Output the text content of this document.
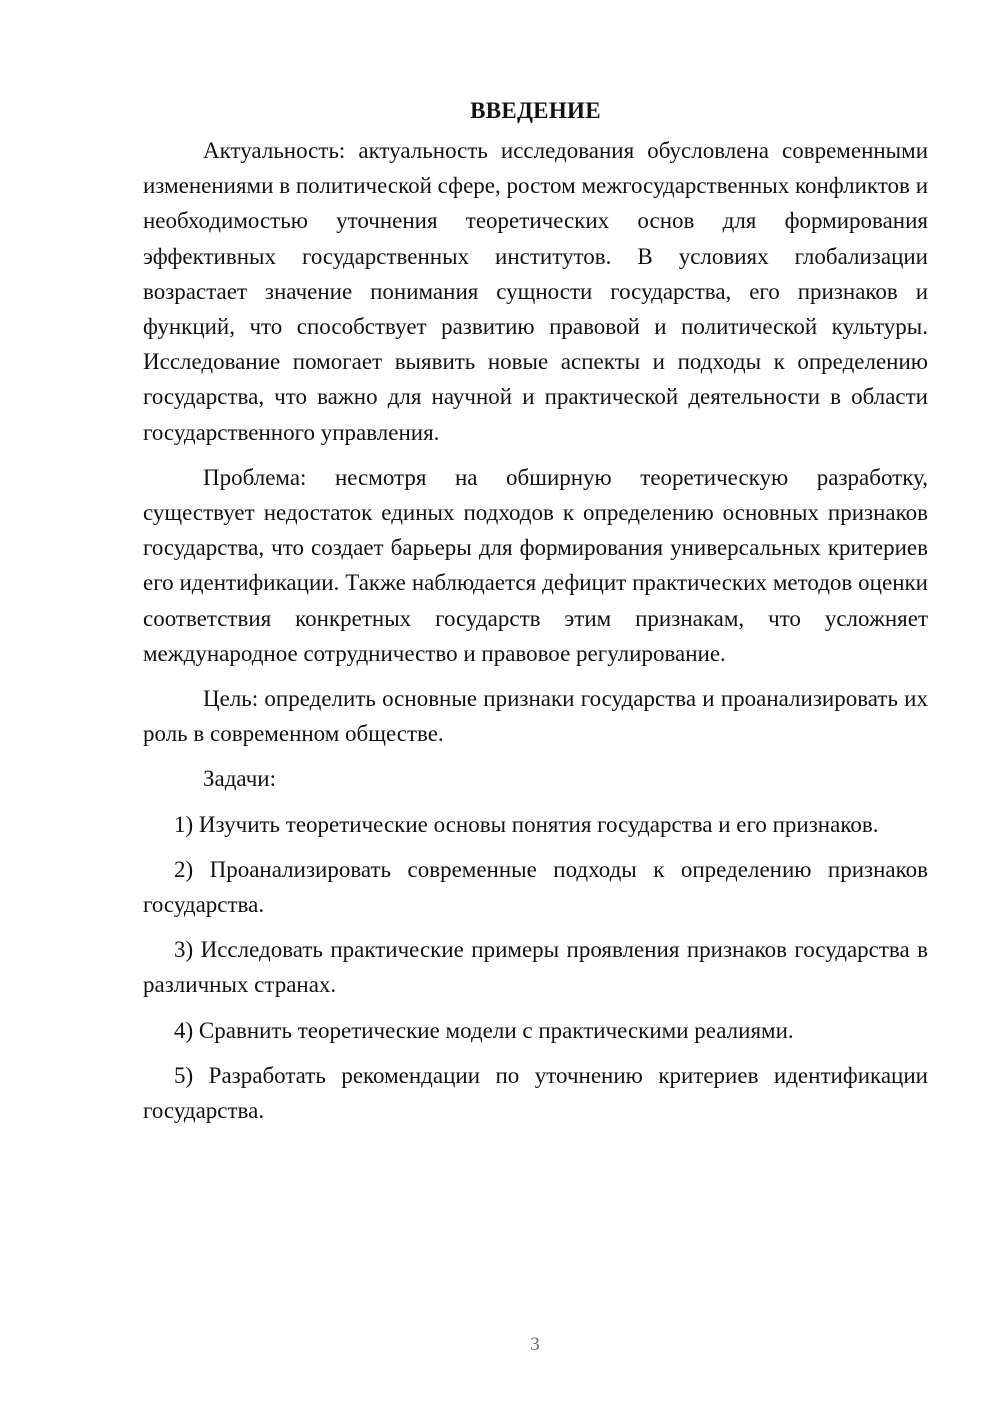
ВВЕДЕНИЕ

Актуальность: актуальность исследования обусловлена современными изменениями в политической сфере, ростом межгосударственных конфликтов и необходимостью уточнения теоретических основ для формирования эффективных государственных институтов. В условиях глобализации возрастает значение понимания сущности государства, его признаков и функций, что способствует развитию правовой и политической культуры. Исследование помогает выявить новые аспекты и подходы к определению государства, что важно для научной и практической деятельности в области государственного управления.

Проблема: несмотря на обширную теоретическую разработку, существует недостаток единых подходов к определению основных признаков государства, что создает барьеры для формирования универсальных критериев его идентификации. Также наблюдается дефицит практических методов оценки соответствия конкретных государств этим признакам, что усложняет международное сотрудничество и правовое регулирование.

Цель: определить основные признаки государства и проанализировать их роль в современном обществе.

Задачи:

1) Изучить теоретические основы понятия государства и его признаков.

2) Проанализировать современные подходы к определению признаков государства.

3) Исследовать практические примеры проявления признаков государства в различных странах.

4) Сравнить теоретические модели с практическими реалиями.

5) Разработать рекомендации по уточнению критериев идентификации государства.

3
